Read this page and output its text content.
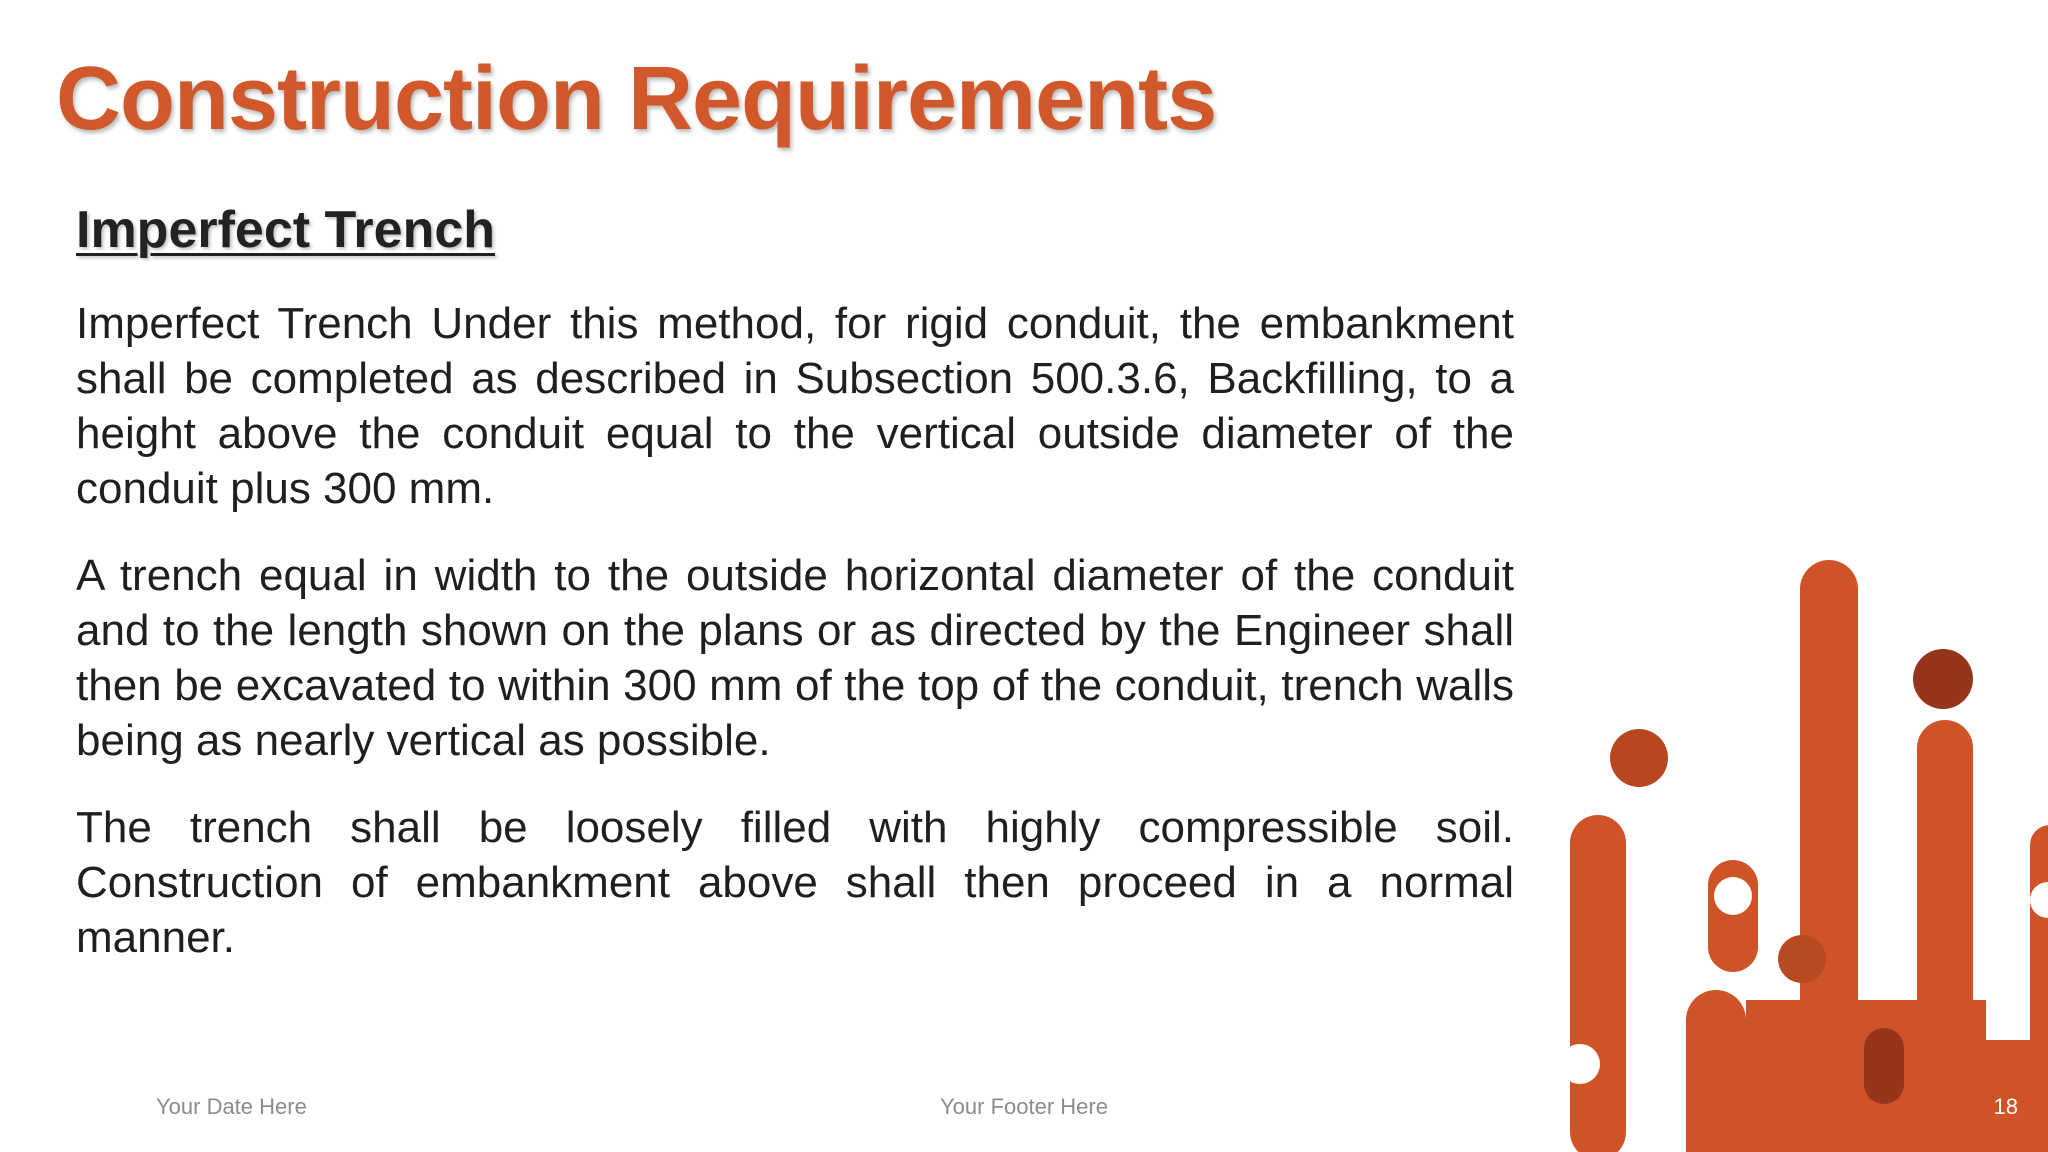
Construction Requirements
Imperfect Trench

Imperfect Trench Under this method, for rigid conduit, the embankment shall be completed as described in Subsection 500.3.6, Backfilling, to a height above the conduit equal to the vertical outside diameter of the conduit plus 300 mm.

A trench equal in width to the outside horizontal diameter of the conduit and to the length shown on the plans or as directed by the Engineer shall then be excavated to within 300 mm of the top of the conduit, trench walls being as nearly vertical as possible.

The trench shall be loosely filled with highly compressible soil. Construction of embankment above shall then proceed in a normal manner.

Your Date Here	Your Footer Here	18
